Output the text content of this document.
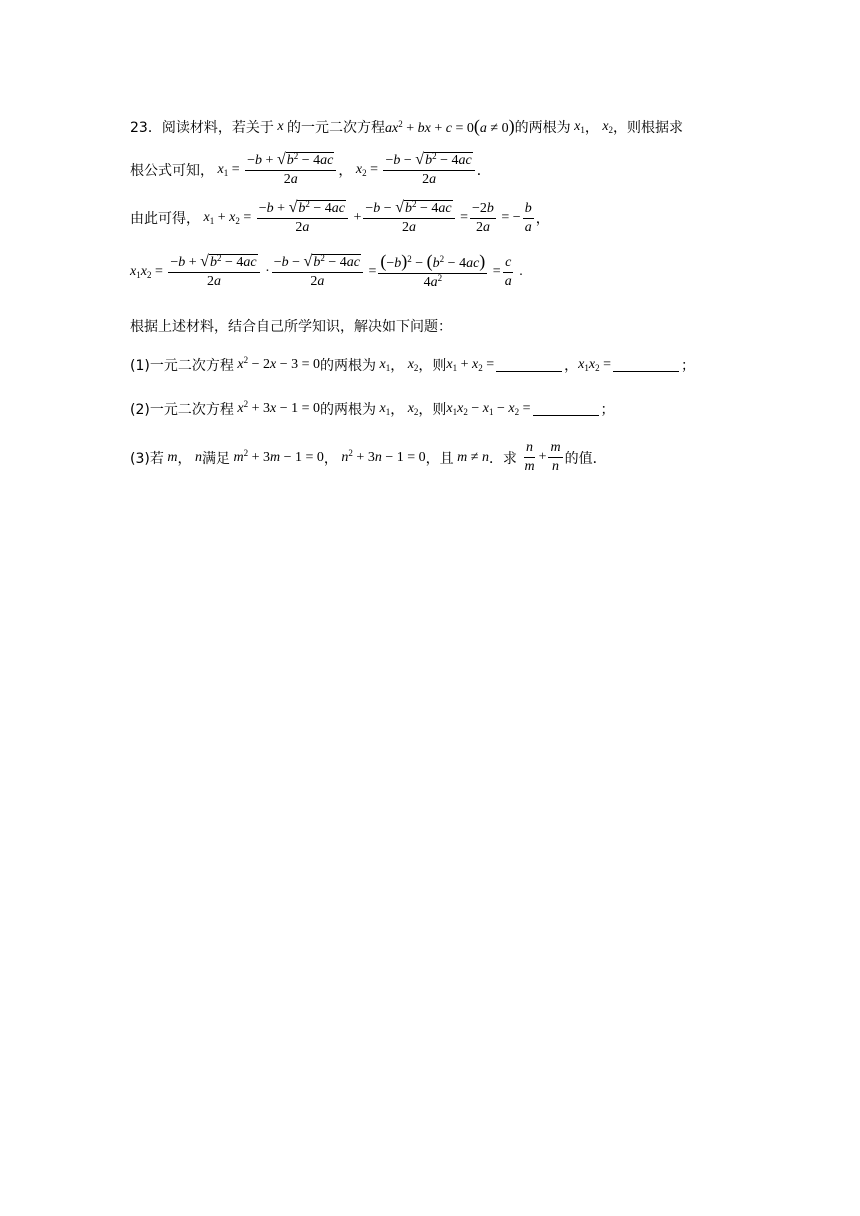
23． 阅读材料，若关于 x 的一元二次方程 $ax^2$ + bx + c = 0(a ≠ 0) 的两根为 $x_1$ ， $x_2$ ，则根据求
根公式可知， $x_1 = \frac{-b + √ b^2 - 4ac}{2a}$ ， $x_2 = \frac{-b - √ b^2 - 4ac}{2a}$ ．
由此可得， $x_1 + x_2 = \frac{-b + √ b^2 - 4ac}{2a} + \frac{-b - √ b^2 - 4ac}{2a} = \frac{-2b}{2a}$ = − $\frac{b}{a}$ ，
$x_1x_2 = \frac{-b + √ b^2 - 4ac}{2a} \cdot \frac{-b - √ b^2 - 4ac}{2a} = \frac{(-b)^2 - (b^2 - 4ac)}{4a^2} = \frac{c}{a}$ .
根据上述材料，结合自己所学知识，解决如下问题：
(1)一元二次方程 $x^2 - 2x - 3 = 0$ 的两根为 $x_1$ ， $x_2$ ，则 $x_1 + x_2$ =	， $x_1x_2$ =	；
(2)一元二次方程 $x^2 + 3x - 1 = 0$ 的两根为 $x_1$ ， $x_2$ ，则 $x_1x_2 - x_1 - x_2$ =	；
(3)若 m ， n 满足 $m^2 + 3m - 1 = 0$ ， $n^2 + 3n - 1 = 0$ ，且 m ≠ n ．求
$\frac{n}{m} + \frac{m}{n}$ 的值．
